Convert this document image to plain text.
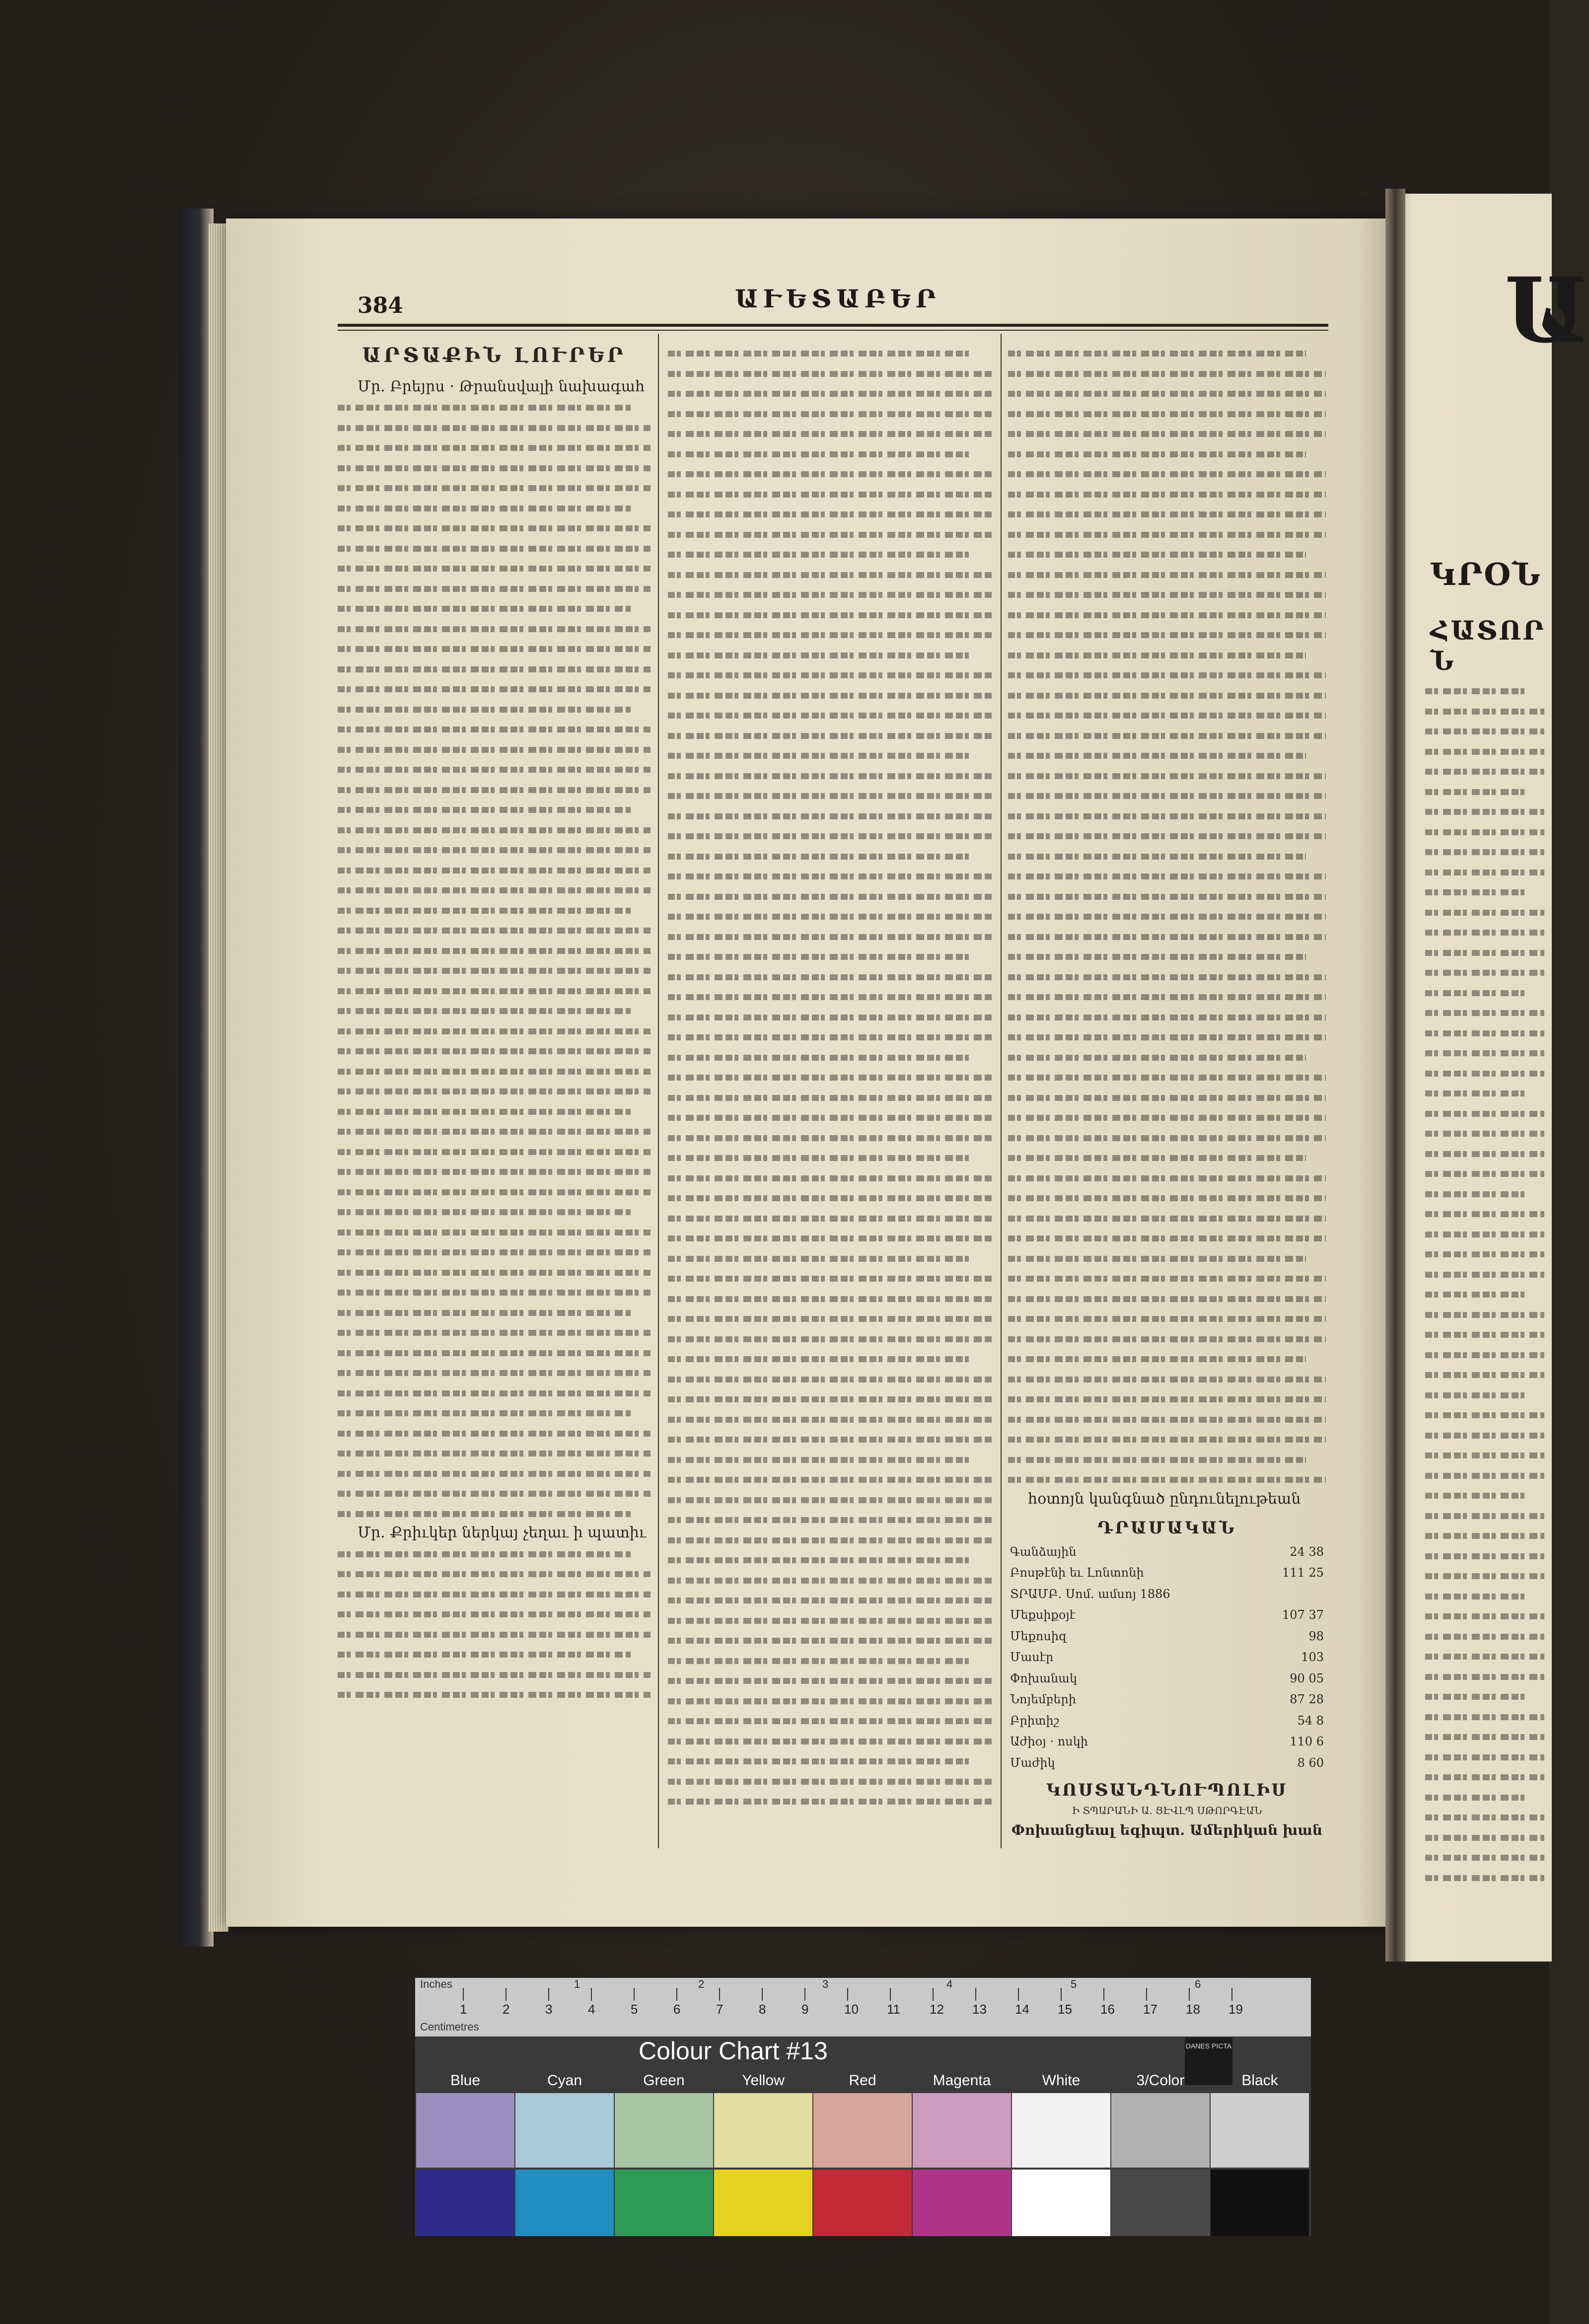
384	ԱՒԵՏԱԲԵՐ
ԱՐՏԱՔԻՆ ԼՈՒՐԵՐ
Մր. Բրեյրս · Թրանսվալի նախագահ
Մր. Քրիւկեր ներկայ չեղաւ ի պատիւ
հօտոյն կանգնած ընդունելութեան
ԴՐԱՄԱԿԱՆ
Գանձային	24 38
Բոսթէնի եւ Լոնտոնի	111 25
ՏՐԱՄԲ. Սոմ. ամսոյ 1886	
Մեքսիքօյէ	107 37
Մեքոսիզ	98
Մասէր	103
Փոխանակ	90 05
Նոյեմբերի	87 28
Բրիտիշ	54 8
Աժիօյ · ոսկի	110 6
Մաժիկ	8 60
ԿՈՍՏԱՆԴՆՈՒՊՈԼԻՍ
Ի ՏՊԱՐԱՆԻ Ա. ՑԷՎԼՊ ՍԹՈՐԳԷԱՆ
Փոխանցեալ եգիպտ. Ամերիկան խան
Ա
ԿՐՕՆ
ՀԱՏՈՐ Ն
Inches
Centimetres
1	2	3	4	5	6	7	8	9	10 11 12 13 14 15 16 17 18 19
1	2	3	4	5	6	7
Colour Chart #13	DANES PICTA
Blue	Cyan	Green	Yellow	Red	Magenta	White	3/Color	Black
